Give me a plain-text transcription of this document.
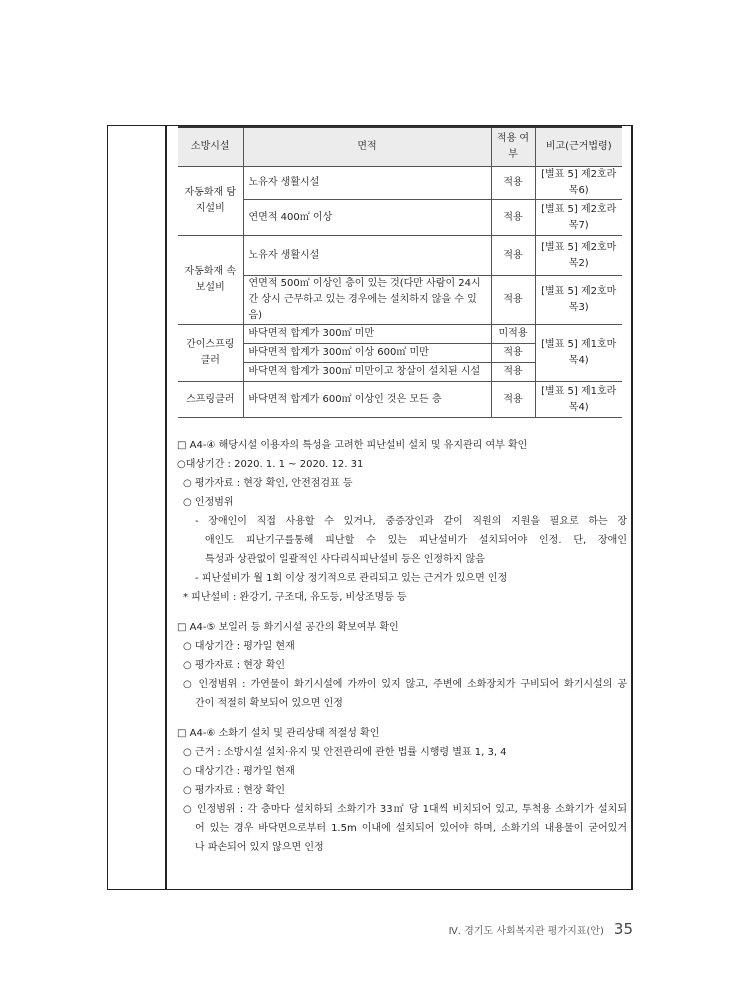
소방시설	면적	적용 여부	비고(근거법령)
자동화재 탐지설비	노유자 생활시설	적용	[별표 5] 제2호라목6)
	연면적 400㎡ 이상	적용	[별표 5] 제2호라목7)
자동화재 속보설비	노유자 생활시설	적용	[별표 5] 제2호마목2)
	연면적 500㎡ 이상인 층이 있는 것(다만 사람이 24시간 상시 근무하고 있는 경우에는 설치하지 않을 수 있음)	적용	[별표 5] 제2호마목3)
간이스프링 클러	바닥면적 합계가 300㎡ 미만	미적용	[별표 5] 제1호마목4)
	바닥면적 합계가 300㎡ 이상 600㎡ 미만	적용	
	바닥면적 합계가 300㎡ 미만이고 창살이 설치된 시설	적용	
스프링클러	바닥면적 합계가 600㎡ 이상인 것은 모든 층	적용	[별표 5] 제1호라목4)
□ A4-④ 해당시설 이용자의 특성을 고려한 피난설비 설치 및 유지관리 여부 확인
○대상기간 : 2020. 1. 1 ~ 2020. 12. 31
○ 평가자료 : 현장 확인, 안전점검표 등
○ 인정범위
- 장애인이 직접 사용할 수 있거나, 중증장인과 같이 직원의 지원을 필요로 하는 장
애인도 피난기구를통해 피난할 수 있는 피난설비가 설치되어야 인정. 단, 장애인
특성과 상관없이 일괄적인 사다리식피난설비 등은 인정하지 않음
- 피난설비가 월 1회 이상 정기적으로 관리되고 있는 근거가 있으면 인정
* 피난설비 : 완강기, 구조대, 유도등, 비상조명등 등
□ A4-⑤ 보일러 등 화기시설 공간의 확보여부 확인
○ 대상기간 : 평가일 현재
○ 평가자료 : 현장 확인
○ 인정범위 : 가연물이 화기시설에 가까이 있지 않고, 주변에 소화장치가 구비되어 화기시설의 공
간이 적절히 확보되어 있으면 인정
□ A4-⑥ 소화기 설치 및 관리상태 적절성 확인
○ 근거 : 소방시설 설치·유지 및 안전관리에 관한 법률 시행령 별표 1, 3, 4
○ 대상기간 : 평가일 현재
○ 평가자료 : 현장 확인
○ 인정범위 : 각 층마다 설치하되 소화기가 33㎡ 당 1대씩 비치되어 있고, 투척용 소화기가 설치되
어 있는 경우 바닥면으로부터 1.5m 이내에 설치되어 있어야 하며, 소화기의 내용물이 굳어있거
나 파손되어 있지 않으면 인정
Ⅳ. 경기도 사회복지관 평가지표(안) 35
